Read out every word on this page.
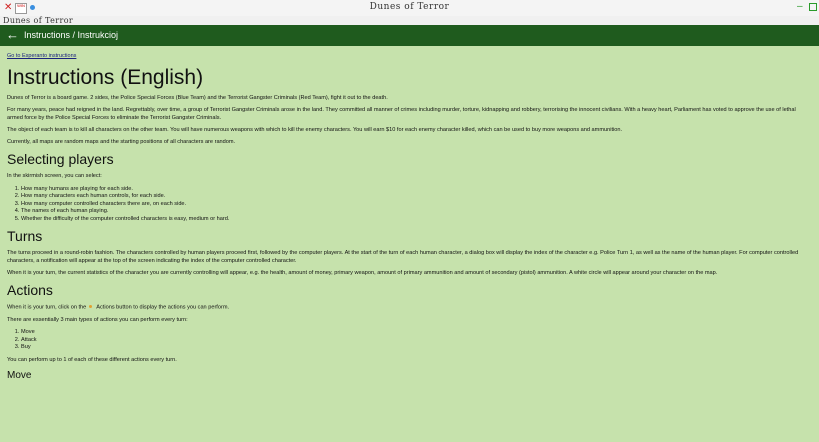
✕	WIN	Dunes of Terror	–
Dunes of Terror
← Instructions / Instrukcioj
Go to Esperanto instructions
Instructions (English)

Dunes of Terror is a board game. 2 sides, the Police Special Forces (Blue Team) and the Terrorist Gangster Criminals (Red Team), fight it out to the death.

For many years, peace had reigned in the land. Regrettably, over time, a group of Terrorist Gangster Criminals arose in the land. They committed all manner of crimes including murder, torture, kidnapping and robbery, terrorising the innocent civilians. With a heavy heart, Parliament has voted to approve the use of lethal armed force by the Police Special Forces to eliminate the Terrorist Gangster Criminals.

The object of each team is to kill all characters on the other team. You will have numerous weapons with which to kill the enemy characters. You will earn $10 for each enemy character killed, which can be used to buy more weapons and ammunition.

Currently, all maps are random maps and the starting positions of all characters are random.

Selecting players

In the skirmish screen, you can select:

1. How many humans are playing for each side.
2. How many characters each human controls, for each side.
3. How many computer controlled characters there are, on each side.
4. The names of each human playing.
5. Whether the difficulty of the computer controlled characters is easy, medium or hard.
Turns

The turns proceed in a round-robin fashion. The characters controlled by human players proceed first, followed by the computer players. At the start of the turn of each human character, a dialog box will display the index of the character e.g. Police Turn 1, as well as the name of the human player. For computer controlled characters, a notification will appear at the top of the screen indicating the index of the computer controlled character.

When it is your turn, the current statistics of the character you are currently controlling will appear, e.g. the health, amount of money, primary weapon, amount of primary ammunition and amount of secondary (pistol) ammunition. A white circle will appear around your character on the map.

Actions

When it is your turn, click on the Actions button to display the actions you can perform.

There are essentially 3 main types of actions you can perform every turn:

1. Move
2. Attack
3. Buy

You can perform up to 1 of each of these different actions every turn.

Move
